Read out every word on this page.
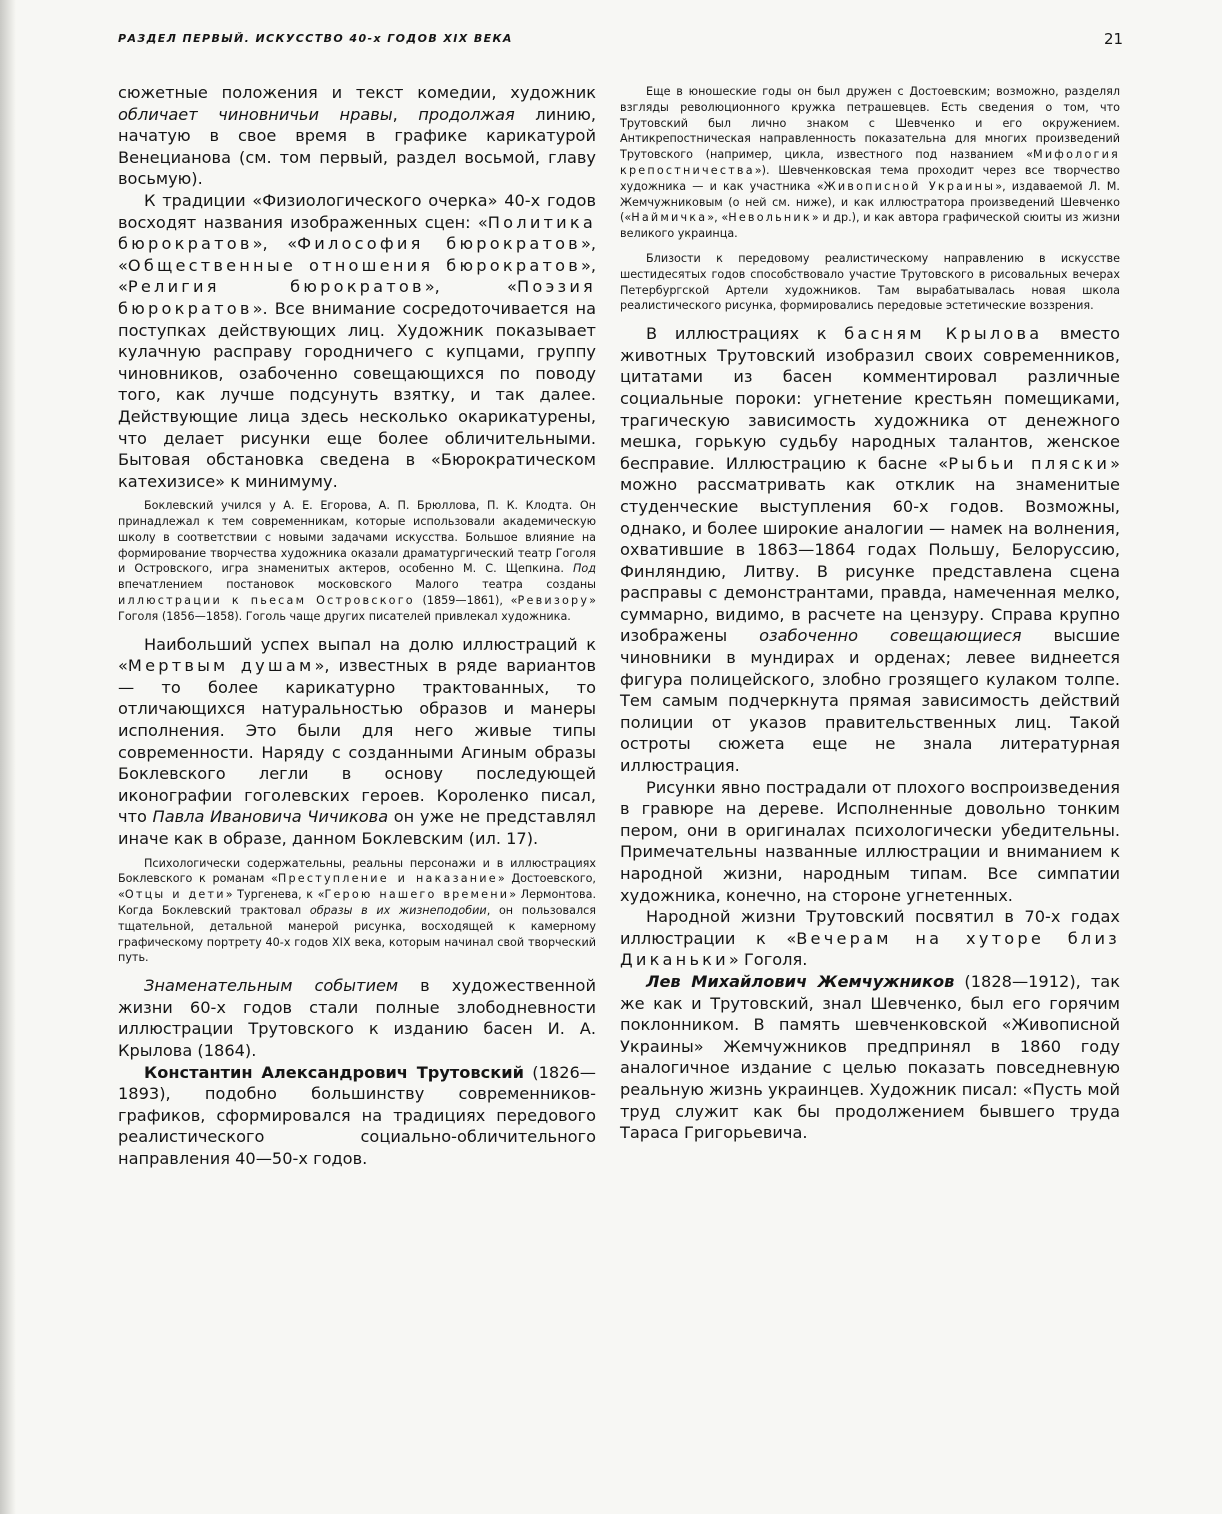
РАЗДЕЛ ПЕРВЫЙ. ИСКУССТВО 40-х ГОДОВ XIX ВЕКА	21

сюжетные положения и текст комедии, художник обличает чиновничьи нравы, продолжая линию, начатую в свое время в графике карикатурой Венецианова (см. том первый, раздел восьмой, главу восьмую).

К традиции «Физиологического очерка» 40-х годов восходят названия изображенных сцен: «Политика бюрократов», «Философия бюрократов», «Общественные отношения бюрократов», «Религия бюрократов», «Поэзия бюрократов». Все внимание сосредоточивается на поступках действующих лиц. Художник показывает кулачную расправу городничего с купцами, группу чиновников, озабоченно совещающихся по поводу того, как лучше подсунуть взятку, и так далее. Действующие лица здесь несколько окарикатурены, что делает рисунки еще более обличительными. Бытовая обстановка сведена в «Бюрократическом катехизисе» к минимуму.

Боклевский учился у А. Е. Егорова, А. П. Брюллова, П. К. Клодта. Он принадлежал к тем современникам, которые использовали академическую школу в соответствии с новыми задачами искусства. Большое влияние на формирование творчества художника оказали драматургический театр Гоголя и Островского, игра знаменитых актеров, особенно М. С. Щепкина. Под впечатлением постановок московского Малого театра созданы иллюстрации к пьесам Островского (1859—1861), «Ревизору» Гоголя (1856—1858). Гоголь чаще других писателей привлекал художника.

Наибольший успех выпал на долю иллюстраций к «Мертвым душам», известных в ряде вариантов — то более карикатурно трактованных, то отличающихся натуральностью образов и манеры исполнения. Это были для него живые типы современности. Наряду с созданными Агиным образы Боклевского легли в основу последующей иконографии гоголевских героев. Короленко писал, что Павла Ивановича Чичикова он уже не представлял иначе как в образе, данном Боклевским (ил. 17).

Психологически содержательны, реальны персонажи и в иллюстрациях Боклевского к романам «Преступление и наказание» Достоевского, «Отцы и дети» Тургенева, к «Герою нашего времени» Лермонтова. Когда Боклевский трактовал образы в их жизнеподобии, он пользовался тщательной, детальной манерой рисунка, восходящей к камерному графическому портрету 40-х годов XIX века, которым начинал свой творческий путь.

Знаменательным событием в художественной жизни 60-х годов стали полные злободневности иллюстрации Трутовского к изданию басен И. А. Крылова (1864).

Константин Александрович Трутовский (1826—1893), подобно большинству современников-графиков, сформировался на традициях передового реалистического социально-обличительного направления 40—50-х годов.

Еще в юношеские годы он был дружен с Достоевским; возможно, разделял взгляды революционного кружка петрашевцев. Есть сведения о том, что Трутовский был лично знаком с Шевченко и его окружением. Антикрепостническая направленность показательна для многих произведений Трутовского (например, цикла, известного под названием «Мифология крепостничества»). Шевченковская тема проходит через все творчество художника — и как участника «Живописной Украины», издаваемой Л. М. Жемчужниковым (о ней см. ниже), и как иллюстратора произведений Шевченко («Наймичка», «Невольник» и др.), и как автора графической сюиты из жизни великого украинца.

Близости к передовому реалистическому направлению в искусстве шестидесятых годов способствовало участие Трутовского в рисовальных вечерах Петербургской Артели художников. Там вырабатывалась новая школа реалистического рисунка, формировались передовые эстетические воззрения.

В иллюстрациях к басням Крылова вместо животных Трутовский изобразил своих современников, цитатами из басен комментировал различные социальные пороки: угнетение крестьян помещиками, трагическую зависимость художника от денежного мешка, горькую судьбу народных талантов, женское бесправие. Иллюстрацию к басне «Рыбьи пляски» можно рассматривать как отклик на знаменитые студенческие выступления 60-х годов. Возможны, однако, и более широкие аналогии — намек на волнения, охватившие в 1863—1864 годах Польшу, Белоруссию, Финляндию, Литву. В рисунке представлена сцена расправы с демонстрантами, правда, намеченная мелко, суммарно, видимо, в расчете на цензуру. Справа крупно изображены озабоченно совещающиеся высшие чиновники в мундирах и орденах; левее виднеется фигура полицейского, злобно грозящего кулаком толпе. Тем самым подчеркнута прямая зависимость действий полиции от указов правительственных лиц. Такой остроты сюжета еще не знала литературная иллюстрация.

Рисунки явно пострадали от плохого воспроизведения в гравюре на дереве. Исполненные довольно тонким пером, они в оригиналах психологически убедительны. Примечательны названные иллюстрации и вниманием к народной жизни, народным типам. Все симпатии художника, конечно, на стороне угнетенных.

Народной жизни Трутовский посвятил в 70-х годах иллюстрации к «Вечерам на хуторе близ Диканьки» Гоголя.

Лев Михайлович Жемчужников (1828—1912), так же как и Трутовский, знал Шевченко, был его горячим поклонником. В память шевченковской «Живописной Украины» Жемчужников предпринял в 1860 году аналогичное издание с целью показать повседневную реальную жизнь украинцев. Художник писал: «Пусть мой труд служит как бы продолжением бывшего труда Тараса Григорьевича.
